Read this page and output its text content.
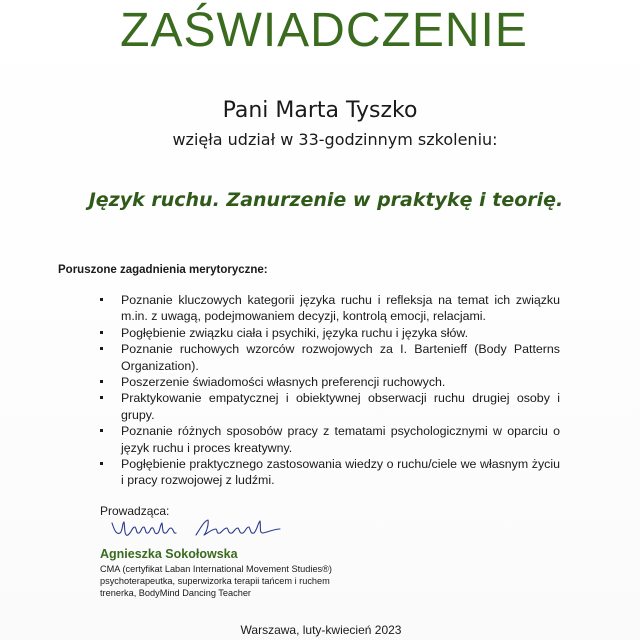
ZAŚWIADCZENIE
Pani Marta Tyszko
wzięła udział w 33-godzinnym szkoleniu:
Język ruchu. Zanurzenie w praktykę i teorię.
Poruszone zagadnienia merytoryczne:
Poznanie kluczowych kategorii języka ruchu i refleksja na temat ich związku m.in. z uwagą, podejmowaniem decyzji, kontrolą emocji, relacjami.
Pogłębienie związku ciała i psychiki, języka ruchu i języka słów.
Poznanie ruchowych wzorców rozwojowych za I. Bartenieff (Body Patterns Organization).
Poszerzenie świadomości własnych preferencji ruchowych.
Praktykowanie empatycznej i obiektywnej obserwacji ruchu drugiej osoby i grupy.
Poznanie różnych sposobów pracy z tematami psychologicznymi w oparciu o język ruchu i proces kreatywny.
Pogłębienie praktycznego zastosowania wiedzy o ruchu/ciele we własnym życiu i pracy rozwojowej z ludźmi.
Prowadząca:
Agnieszka Sokołowska
CMA (certyfikat Laban International Movement Studies®)
psychoterapeutka, superwizorka terapii tańcem i ruchem
trenerka, BodyMind Dancing Teacher
Warszawa, luty-kwiecień 2023
